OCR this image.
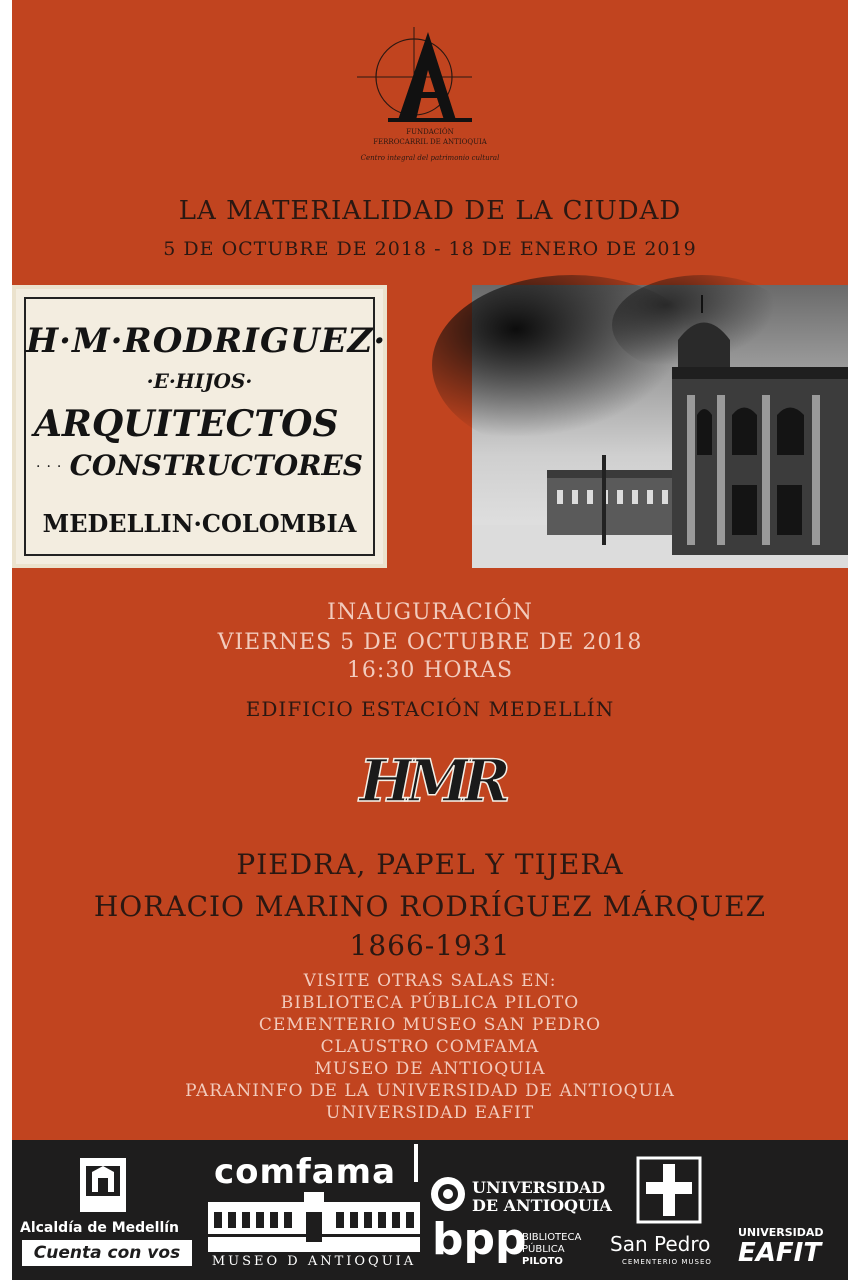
FUNDACIÓN
FERROCARRIL DE ANTIOQUIA
Centro integral del patrimonio cultural
LA MATERIALIDAD DE LA CIUDAD
5 DE OCTUBRE DE 2018 - 18 DE ENERO DE 2019
H·M·RODRIGUEZ·
·E·HIJOS·
ARQUITECTOS
··· CONSTRUCTORES
MEDELLIN·COLOMBIA
INAUGURACIÓN
VIERNES 5 DE OCTUBRE DE 2018
16:30 HORAS
EDIFICIO ESTACIÓN MEDELLÍN
HMR
PIEDRA, PAPEL Y TIJERA
HORACIO MARINO RODRÍGUEZ MÁRQUEZ
1866-1931
VISITE OTRAS SALAS EN:
BIBLIOTECA PÚBLICA PILOTO
CEMENTERIO MUSEO SAN PEDRO
CLAUSTRO COMFAMA
MUSEO DE ANTIOQUIA
PARANINFO DE LA UNIVERSIDAD DE ANTIOQUIA
UNIVERSIDAD EAFIT
Alcaldía de Medellín
Cuenta con vos
comfama
MUSEO D ANTIOQUIA
UNIVERSIDAD
DE ANTIOQUIA
bpp
BIBLIOTECA
PÚBLICA
PILOTO
San Pedro
CEMENTERIO MUSEO
UNIVERSIDAD
EAFIT
